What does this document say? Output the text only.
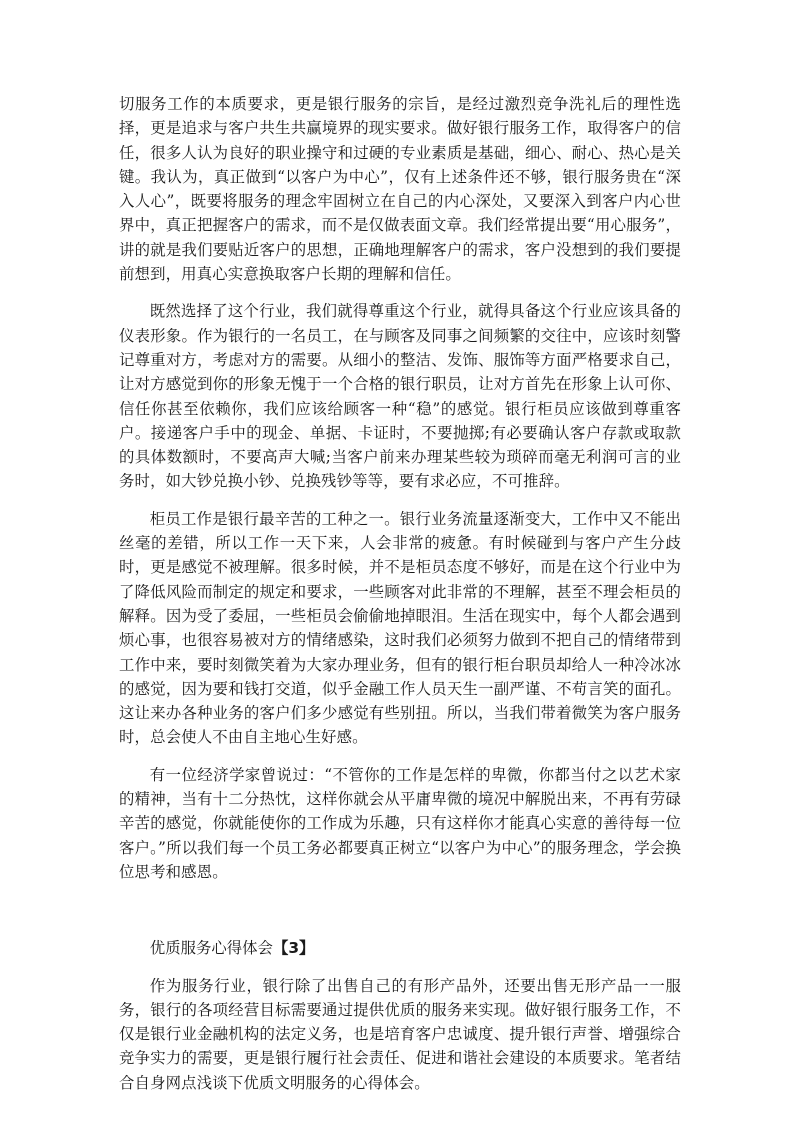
切服务工作的本质要求，更是银行服务的宗旨，是经过激烈竞争洗礼后的理性选择，更是追求与客户共生共赢境界的现实要求。做好银行服务工作，取得客户的信任，很多人认为良好的职业操守和过硬的专业素质是基础，细心、耐心、热心是关键。我认为，真正做到“以客户为中心”，仅有上述条件还不够，银行服务贵在“深入人心”，既要将服务的理念牢固树立在自己的内心深处，又要深入到客户内心世界中，真正把握客户的需求，而不是仅做表面文章。我们经常提出要“用心服务”，讲的就是我们要贴近客户的思想，正确地理解客户的需求，客户没想到的我们要提前想到，用真心实意换取客户长期的理解和信任。

既然选择了这个行业，我们就得尊重这个行业，就得具备这个行业应该具备的仪表形象。作为银行的一名员工，在与顾客及同事之间频繁的交往中，应该时刻警记尊重对方，考虑对方的需要。从细小的整洁、发饰、服饰等方面严格要求自己，让对方感觉到你的形象无愧于一个合格的银行职员，让对方首先在形象上认可你、信任你甚至依赖你，我们应该给顾客一种“稳”的感觉。银行柜员应该做到尊重客户。接递客户手中的现金、单据、卡证时，不要抛掷;有必要确认客户存款或取款的具体数额时，不要高声大喊;当客户前来办理某些较为琐碎而毫无利润可言的业务时，如大钞兑换小钞、兑换残钞等等，要有求必应，不可推辞。

柜员工作是银行最辛苦的工种之一。银行业务流量逐渐变大，工作中又不能出丝毫的差错，所以工作一天下来，人会非常的疲惫。有时候碰到与客户产生分歧时，更是感觉不被理解。很多时候，并不是柜员态度不够好，而是在这个行业中为了降低风险而制定的规定和要求，一些顾客对此非常的不理解，甚至不理会柜员的解释。因为受了委屈，一些柜员会偷偷地掉眼泪。生活在现实中，每个人都会遇到烦心事，也很容易被对方的情绪感染，这时我们必须努力做到不把自己的情绪带到工作中来，要时刻微笑着为大家办理业务，但有的银行柜台职员却给人一种冷冰冰的感觉，因为要和钱打交道，似乎金融工作人员天生一副严谨、不苟言笑的面孔。这让来办各种业务的客户们多少感觉有些别扭。所以，当我们带着微笑为客户服务时，总会使人不由自主地心生好感。

有一位经济学家曾说过：“不管你的工作是怎样的卑微，你都当付之以艺术家的精神，当有十二分热忱，这样你就会从平庸卑微的境况中解脱出来，不再有劳碌辛苦的感觉，你就能使你的工作成为乐趣，只有这样你才能真心实意的善待每一位客户。”所以我们每一个员工务必都要真正树立“以客户为中心”的服务理念，学会换位思考和感恩。

优质服务心得体会【3】

作为服务行业，银行除了出售自己的有形产品外，还要出售无形产品一一服务，银行的各项经营目标需要通过提供优质的服务来实现。做好银行服务工作，不仅是银行业金融机构的法定义务，也是培育客户忠诚度、提升银行声誉、增强综合竞争实力的需要，更是银行履行社会责任、促进和谐社会建设的本质要求。笔者结合自身网点浅谈下优质文明服务的心得体会。
